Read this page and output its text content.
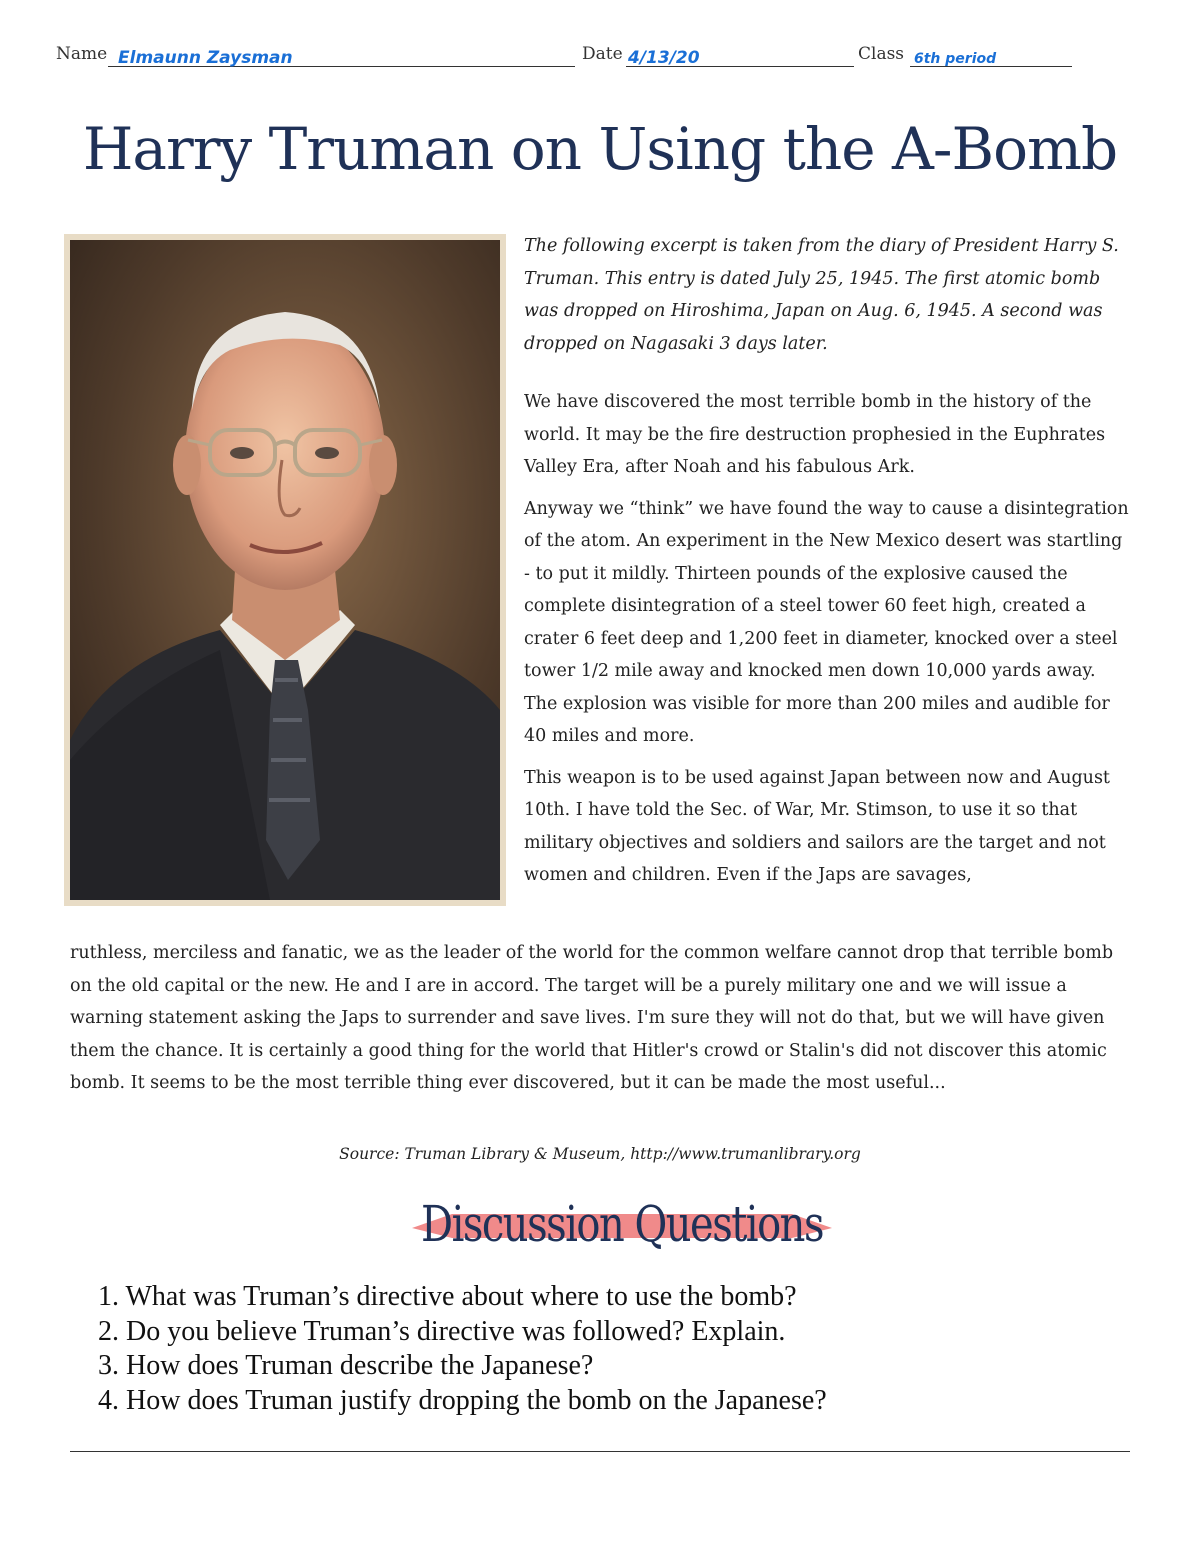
Name Elmaunn Zaysman	Date 4/13/20	Class 6th period
Harry Truman on Using the A-Bomb

The following excerpt is taken from the diary of President Harry S. Truman. This entry is dated July 25, 1945. The first atomic bomb was dropped on Hiroshima, Japan on Aug. 6, 1945. A second was dropped on Nagasaki 3 days later.

We have discovered the most terrible bomb in the history of the world. It may be the fire destruction prophesied in the Euphrates Valley Era, after Noah and his fabulous Ark.

Anyway we “think” we have found the way to cause a disintegration of the atom. An experiment in the New Mexico desert was startling - to put it mildly. Thirteen pounds of the explosive caused the complete disintegration of a steel tower 60 feet high, created a crater 6 feet deep and 1,200 feet in diameter, knocked over a steel tower 1/2 mile away and knocked men down 10,000 yards away. The explosion was visible for more than 200 miles and audible for 40 miles and more.

This weapon is to be used against Japan between now and August 10th. I have told the Sec. of War, Mr. Stimson, to use it so that military objectives and soldiers and sailors are the target and not women and children. Even if the Japs are savages,

ruthless, merciless and fanatic, we as the leader of the world for the common welfare cannot drop that terrible bomb on the old capital or the new. He and I are in accord. The target will be a purely military one and we will issue a warning statement asking the Japs to surrender and save lives. I'm sure they will not do that, but we will have given them the chance. It is certainly a good thing for the world that Hitler's crowd or Stalin's did not discover this atomic bomb. It seems to be the most terrible thing ever discovered, but it can be made the most useful...

Source: Truman Library & Museum, http://www.trumanlibrary.org

Discussion Questions

1. What was Truman’s directive about where to use the bomb?
2. Do you believe Truman’s directive was followed? Explain.
3. How does Truman describe the Japanese?
4. How does Truman justify dropping the bomb on the Japanese?
